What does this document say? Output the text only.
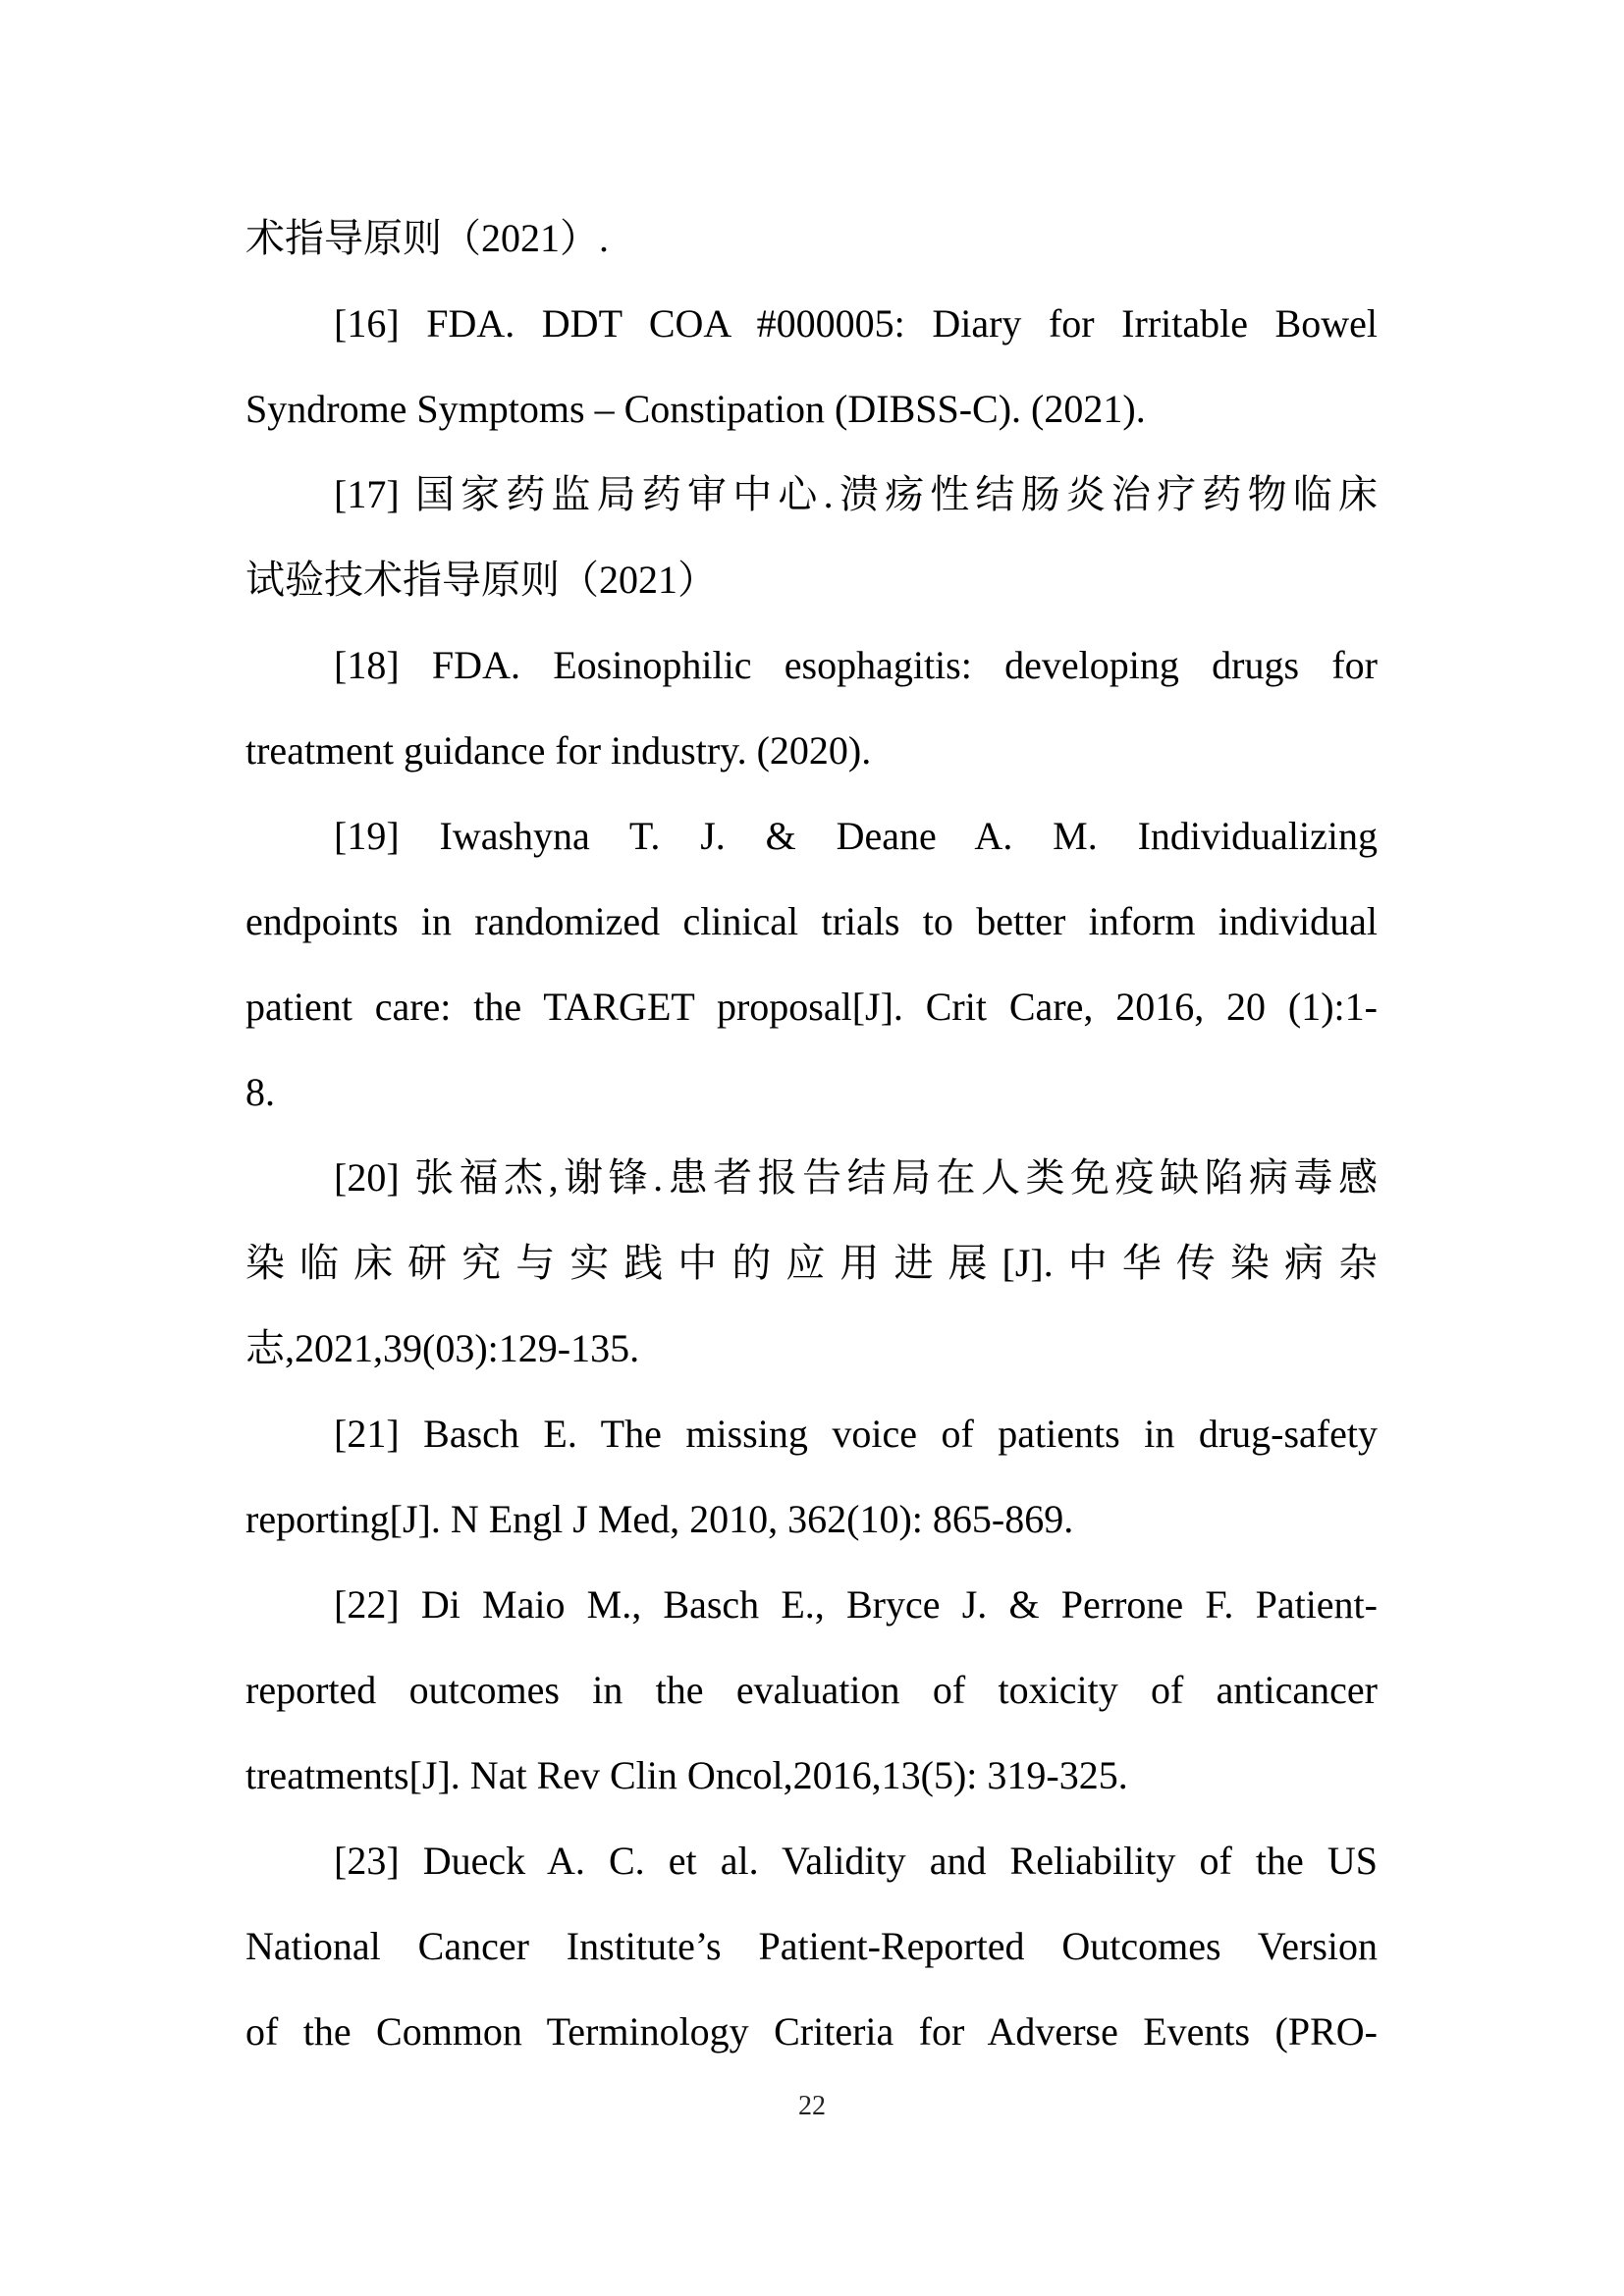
术指导原则（2021）.
[16] FDA. DDT COA #000005: Diary for Irritable Bowel
Syndrome Symptoms – Constipation (DIBSS-C). (2021).
[17] 国家药监局药审中心.溃疡性结肠炎治疗药物临床
试验技术指导原则（2021）
[18] FDA. Eosinophilic esophagitis: developing drugs for
treatment guidance for industry. (2020).
[19] Iwashyna T. J. & Deane A. M. Individualizing
endpoints in randomized clinical trials to better inform individual
patient care: the TARGET proposal[J]. Crit Care, 2016, 20 (1):1-
8.
[20] 张福杰,谢锋.患者报告结局在人类免疫缺陷病毒感
染临床研究与实践中的应用进展[J].中华传染病杂
志,2021,39(03):129-135.
[21] Basch E. The missing voice of patients in drug-safety
reporting[J]. N Engl J Med, 2010, 362(10): 865-869.
[22] Di Maio M., Basch E., Bryce J. & Perrone F. Patient-
reported outcomes in the evaluation of toxicity of anticancer
treatments[J]. Nat Rev Clin Oncol,2016,13(5): 319-325.
[23] Dueck A. C. et al. Validity and Reliability of the US
National Cancer Institute’s Patient-Reported Outcomes Version
of the Common Terminology Criteria for Adverse Events (PRO-
22
